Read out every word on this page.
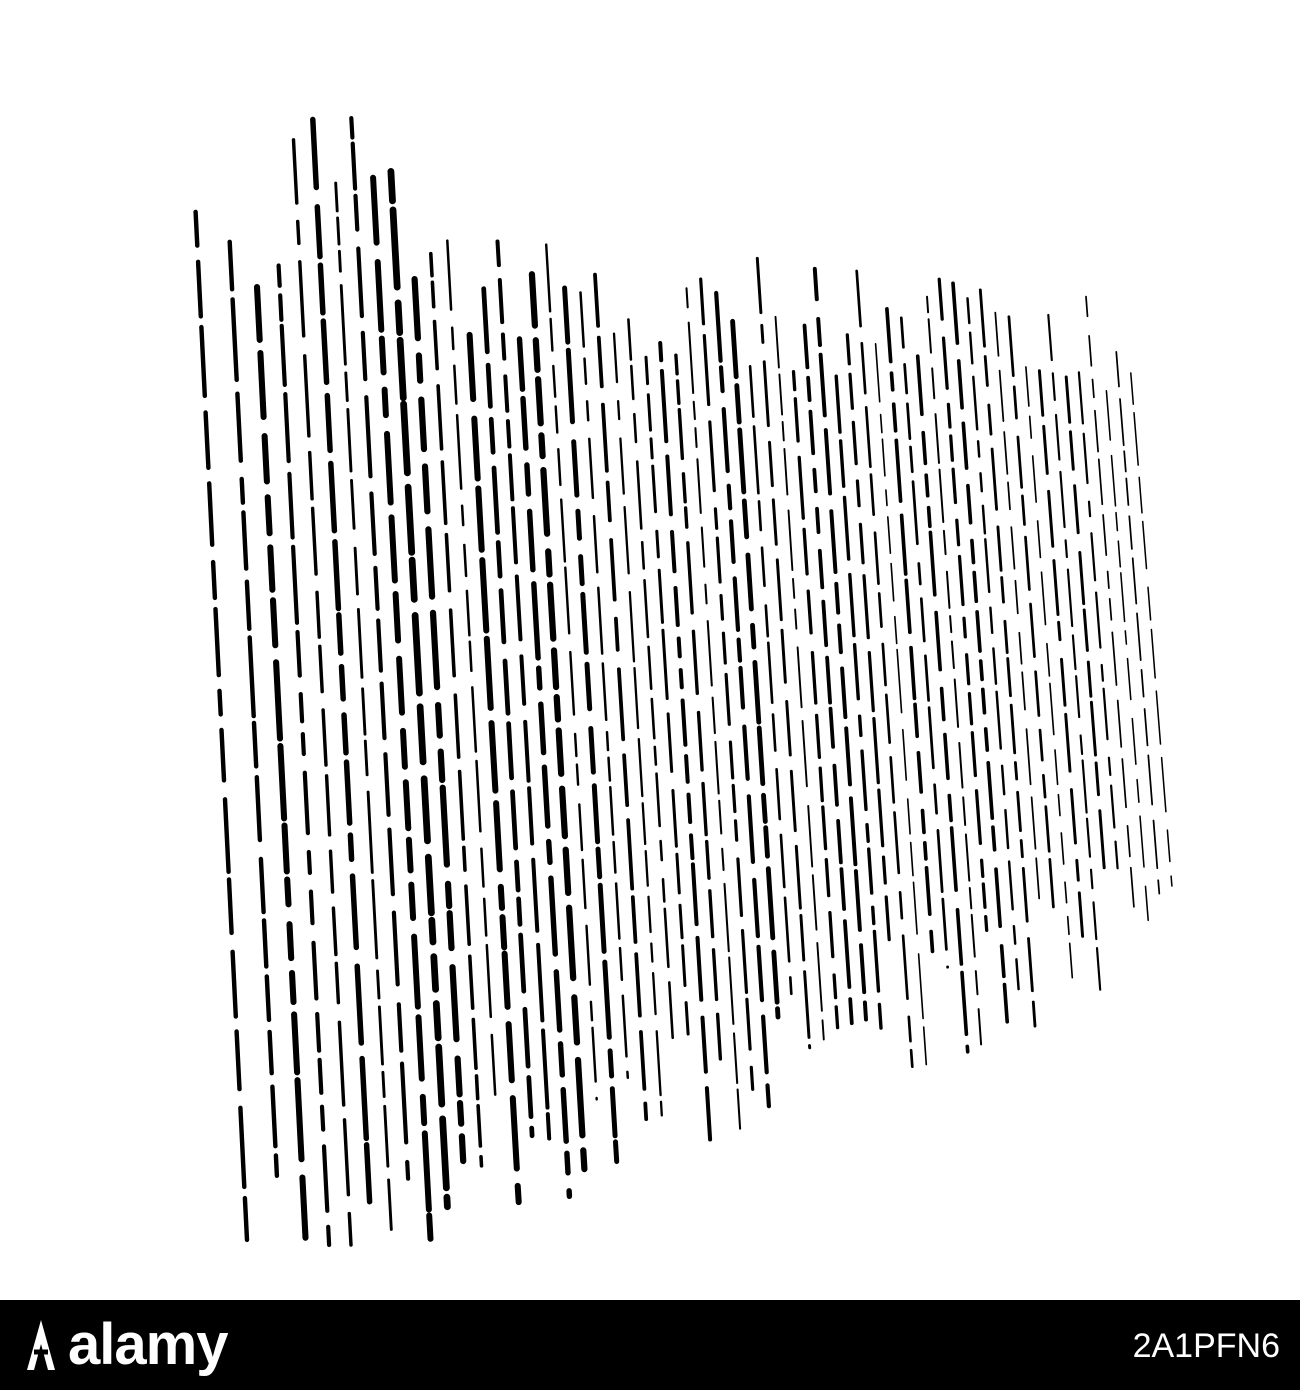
alamy	2A1PFN6
